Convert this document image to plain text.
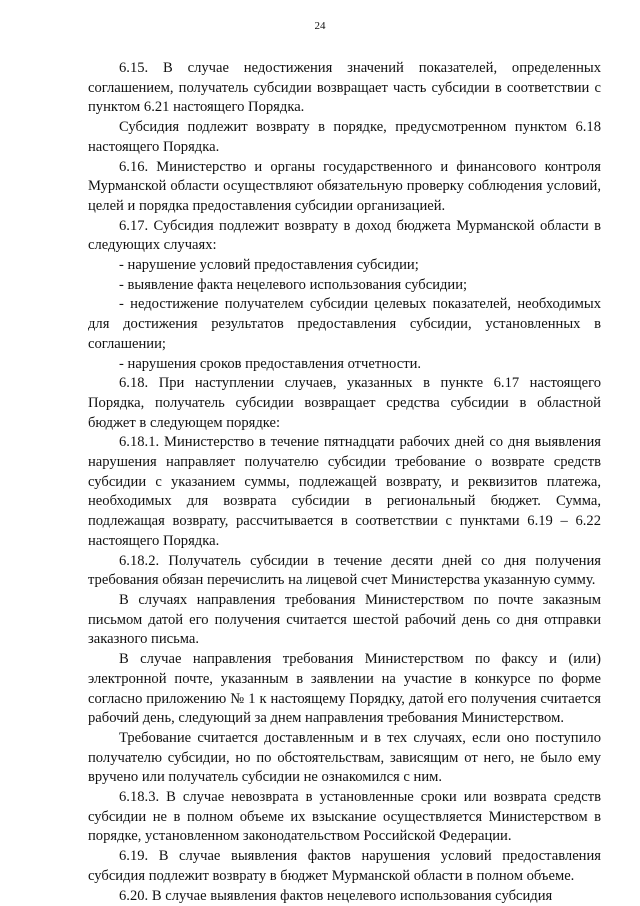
24

6.15. В случае недостижения значений показателей, определенных соглашением, получатель субсидии возвращает часть субсидии в соответствии с пунктом 6.21 настоящего Порядка.

Субсидия подлежит возврату в порядке, предусмотренном пунктом 6.18 настоящего Порядка.

6.16. Министерство и органы государственного и финансового контроля Мурманской области осуществляют обязательную проверку соблюдения условий, целей и порядка предоставления субсидии организацией.

6.17. Субсидия подлежит возврату в доход бюджета Мурманской области в следующих случаях:

- нарушение условий предоставления субсидии;

- выявление факта нецелевого использования субсидии;

- недостижение получателем субсидии целевых показателей, необходимых для достижения результатов предоставления субсидии, установленных в соглашении;

- нарушения сроков предоставления отчетности.

6.18. При наступлении случаев, указанных в пункте 6.17 настоящего Порядка, получатель субсидии возвращает средства субсидии в областной бюджет в следующем порядке:

6.18.1. Министерство в течение пятнадцати рабочих дней со дня выявления нарушения направляет получателю субсидии требование о возврате средств субсидии с указанием суммы, подлежащей возврату, и реквизитов платежа, необходимых для возврата субсидии в региональный бюджет. Сумма, подлежащая возврату, рассчитывается в соответствии с пунктами 6.19 – 6.22 настоящего Порядка.

6.18.2. Получатель субсидии в течение десяти дней со дня получения требования обязан перечислить на лицевой счет Министерства указанную сумму.

В случаях направления требования Министерством по почте заказным письмом датой его получения считается шестой рабочий день со дня отправки заказного письма.

В случае направления требования Министерством по факсу и (или) электронной почте, указанным в заявлении на участие в конкурсе по форме согласно приложению № 1 к настоящему Порядку, датой его получения считается рабочий день, следующий за днем направления требования Министерством.

Требование считается доставленным и в тех случаях, если оно поступило получателю субсидии, но по обстоятельствам, зависящим от него, не было ему вручено или получатель субсидии не ознакомился с ним.

6.18.3. В случае невозврата в установленные сроки или возврата средств субсидии не в полном объеме их взыскание осуществляется Министерством в порядке, установленном законодательством Российской Федерации.

6.19. В случае выявления фактов нарушения условий предоставления субсидия подлежит возврату в бюджет Мурманской области в полном объеме.

6.20. В случае выявления фактов нецелевого использования субсидия
